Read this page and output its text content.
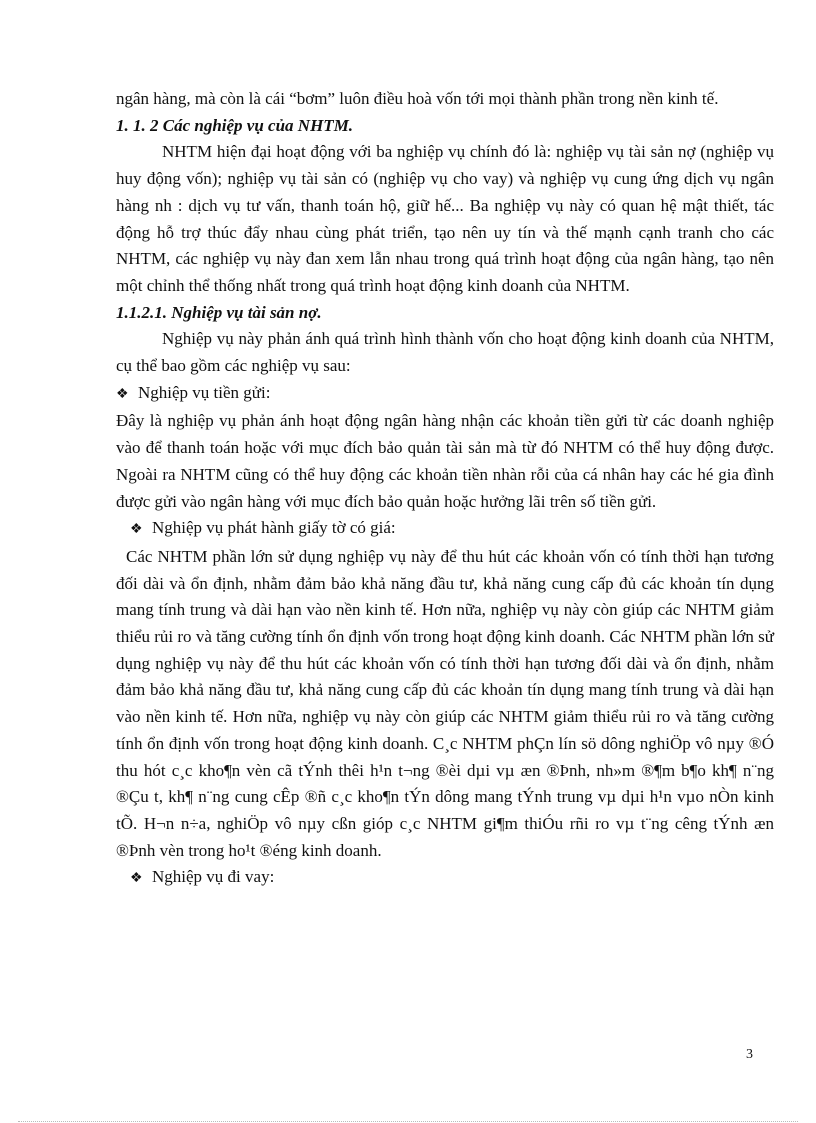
ngân hàng, mà còn là cái “bơm” luôn điều hoà vốn tới mọi thành phần trong nền kinh tế.

1. 1. 2 Các nghiệp vụ của NHTM.

NHTM hiện đại hoạt động với ba nghiệp vụ chính đó là: nghiệp vụ tài sản nợ (nghiệp vụ huy động vốn); nghiệp vụ tài sản có (nghiệp vụ cho vay) và nghiệp vụ cung ứng dịch vụ ngân hàng nh : dịch vụ tư vấn, thanh toán hộ, giữ hế... Ba nghiệp vụ này có quan hệ mật thiết, tác động hỗ trợ thúc đẩy nhau cùng phát triển, tạo nên uy tín và thế mạnh cạnh tranh cho các NHTM, các nghiệp vụ này đan xem lẫn nhau trong quá trình hoạt động của ngân hàng, tạo nên một chỉnh thể thống nhất trong quá trình hoạt động kinh doanh của NHTM.

1.1.2.1. Nghiệp vụ tài sản nợ.

Nghiệp vụ này phản ánh quá trình hình thành vốn cho hoạt động kinh doanh của NHTM, cụ thể bao gồm các nghiệp vụ sau:

❖ Nghiệp vụ tiền gửi:

Đây là nghiệp vụ phản ánh hoạt động ngân hàng nhận các khoản tiền gửi từ các doanh nghiệp vào để thanh toán hoặc với mục đích bảo quản tài sản mà từ đó NHTM có thể huy động được. Ngoài ra NHTM cũng có thể huy động các khoản tiền nhàn rỗi của cá nhân hay các hé gia đình được gửi vào ngân hàng với mục đích bảo quản hoặc hưởng lãi trên số tiền gửi.

❖ Nghiệp vụ phát hành giấy tờ có giá:

Các NHTM phần lớn sử dụng nghiệp vụ này để thu hút các khoản vốn có tính thời hạn tương đối dài và ổn định, nhằm đảm bảo khả năng đầu tư, khả năng cung cấp đủ các khoản tín dụng mang tính trung và dài hạn vào nền kinh tế. Hơn nữa, nghiệp vụ này còn giúp các NHTM giảm thiểu rủi ro và tăng cường tính ổn định vốn trong hoạt động kinh doanh. Các NHTM phần lớn sử dụng nghiệp vụ này để thu hút các khoản vốn có tính thời hạn tương đối dài và ổn định, nhằm đảm bảo khả năng đầu tư, khả năng cung cấp đủ các khoản tín dụng mang tính trung và dài hạn vào nền kinh tế. Hơn nữa, nghiệp vụ này còn giúp các NHTM giảm thiểu rủi ro và tăng cường tính ổn định vốn trong hoạt động kinh doanh. C¸c NHTM phÇn lín sö dông nghiÖp vô nµy ®Ó thu hót c¸c kho¶n vèn cã tÝnh thêi h¹n t¬ng ®èi dµi vµ æn ®Þnh, nh»m ®¶m b¶o kh¶ n¨ng ®Çu t, kh¶ n¨ng cung cÊp ®ñ c¸c kho¶n tÝn dông mang tÝnh trung vµ dµi h¹n vµo nÒn kinh tÕ. H¬n n÷a, nghiÖp vô nµy cßn gióp c¸c NHTM gi¶m thiÓu rñi ro vµ t¨ng cêng tÝnh æn ®Þnh vèn trong ho¹t ®éng kinh doanh.

❖ Nghiệp vụ đi vay:
3
